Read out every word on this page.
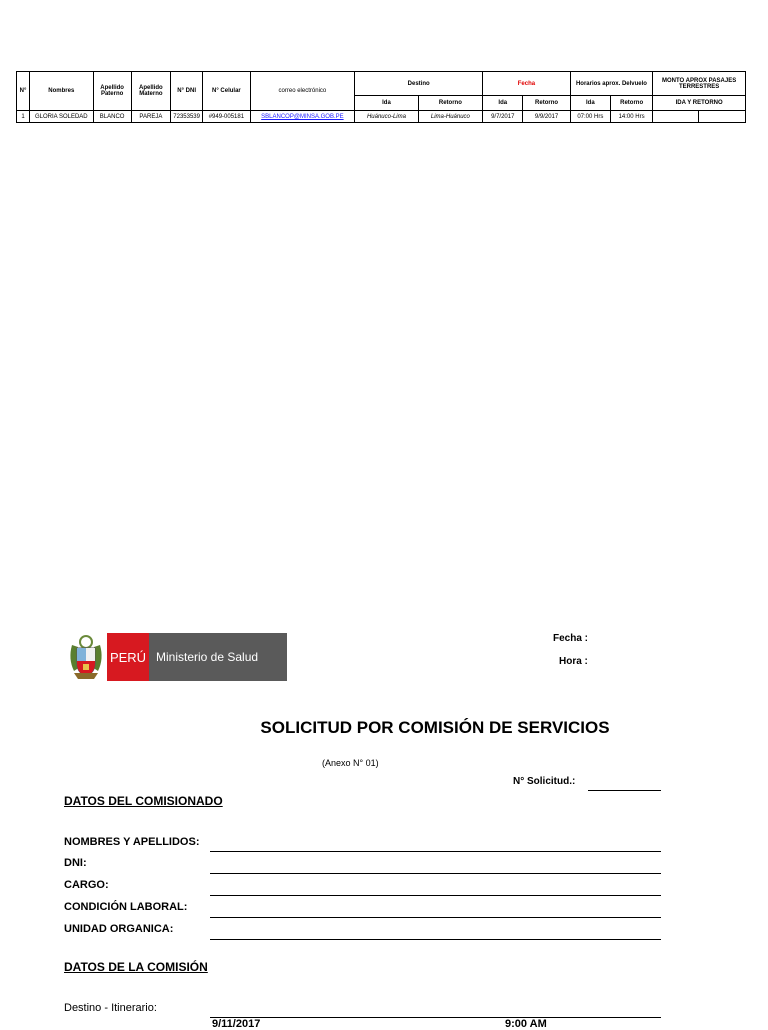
N°	Nombres	Apellido Paterno	Apellido Materno	N° DNI	N° Celular	correo electrónico	Destino		Fecha		Horarios aprox. Delvuelo		MONTO APROX PASAJES TERRESTRES	
							Ida	Retorno	Ida	Retorno	Ida	Retorno	IDA Y RETORNO	
1	GLORIA SOLEDAD	BLANCO	PAREJA	72353539	#949-005181	SBLANCOP@MINSA.GOB.PE	Huánuco-Lima	Lima-Huánuco	9/7/2017	9/9/2017	07:00 Hrs	14:00 Hrs		
PERÚ Ministerio de Salud
Fecha :
Hora :
SOLICITUD POR COMISIÓN DE SERVICIOS
(Anexo N° 01)
N° Solicitud.:
DATOS DEL COMISIONADO
NOMBRES Y APELLIDOS:
DNI:
CARGO:
CONDICIÓN LABORAL:
UNIDAD ORGANICA:
DATOS DE LA COMISIÓN
Destino - Itinerario:
9/11/2017	9:00 AM
